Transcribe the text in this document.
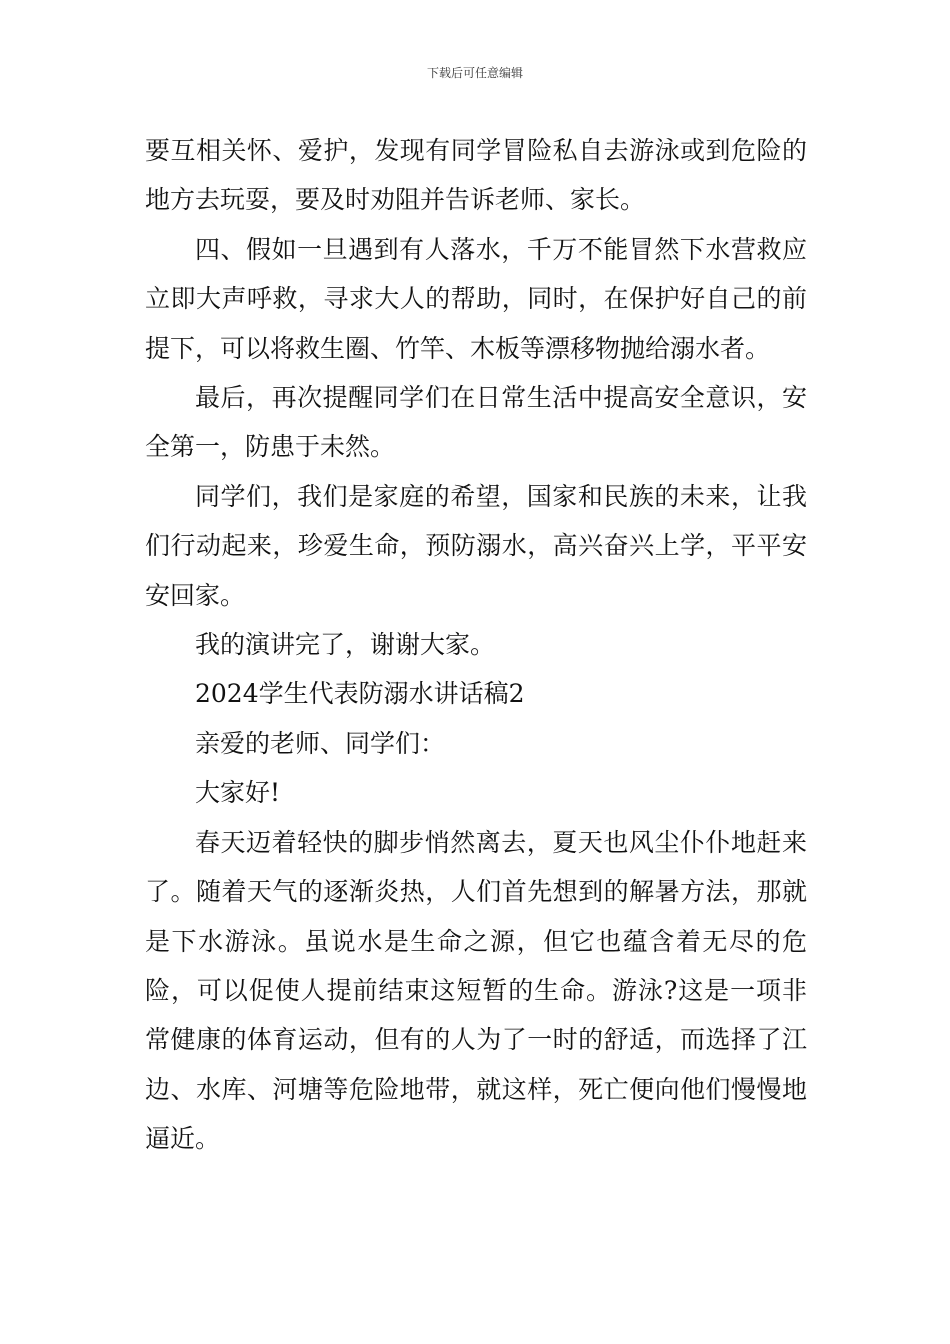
下载后可任意编辑

要互相关怀、爱护，发现有同学冒险私自去游泳或到危险的地方去玩耍，要及时劝阻并告诉老师、家长。

四、假如一旦遇到有人落水，千万不能冒然下水营救应立即大声呼救，寻求大人的帮助，同时，在保护好自己的前提下，可以将救生圈、竹竿、木板等漂移物抛给溺水者。

最后，再次提醒同学们在日常生活中提高安全意识，安全第一，防患于未然。

同学们，我们是家庭的希望，国家和民族的未来，让我们行动起来，珍爱生命，预防溺水，高兴奋兴上学，平平安安回家。

我的演讲完了，谢谢大家。

2024学生代表防溺水讲话稿2

亲爱的老师、同学们：

大家好!

春天迈着轻快的脚步悄然离去，夏天也风尘仆仆地赶来了。随着天气的逐渐炎热，人们首先想到的解暑方法，那就是下水游泳。虽说水是生命之源，但它也蕴含着无尽的危险，可以促使人提前结束这短暂的生命。游泳?这是一项非常健康的体育运动，但有的人为了一时的舒适，而选择了江边、水库、河塘等危险地带，就这样，死亡便向他们慢慢地逼近。
